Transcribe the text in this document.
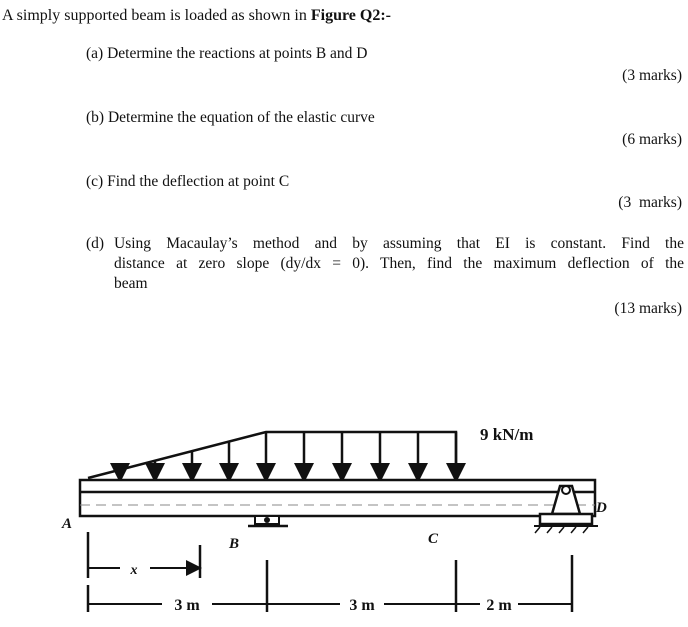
A simply supported beam is loaded as shown in Figure Q2:-
(a) Determine the reactions at points B and D
(3 marks)
(b) Determine the equation of the elastic curve
(6 marks)
(c) Find the deflection at point C
(3  marks)
(d) Using Macaulay’s method and by assuming that EI is constant. Find the
distance at zero slope (dy/dx = 0). Then, find the maximum deflection of the
beam
(13 marks)
x
3 m	3 m	2 m
9 kN/m
A
B	C
D
